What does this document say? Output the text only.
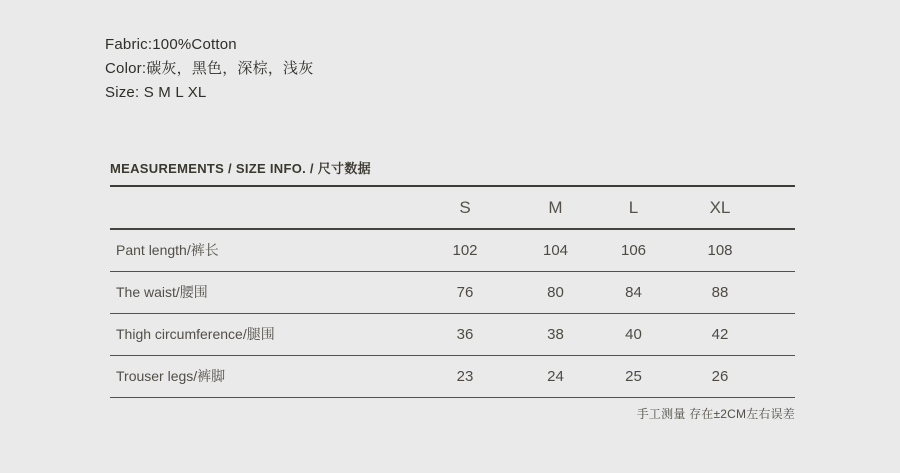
Fabric:100%Cotton
Color:碳灰，黑色，深棕，浅灰
Size: S M L XL
MEASUREMENTS / SIZE INFO. / 尺寸数据
	S	M	L	XL	
Pant length/裤长	102	104	106	108	
The waist/腰围	76	80	84	88	
Thigh circumference/腿围	36	38	40	42	
Trouser legs/裤脚	23	24	25	26	
手工测量 存在±2CM左右误差
